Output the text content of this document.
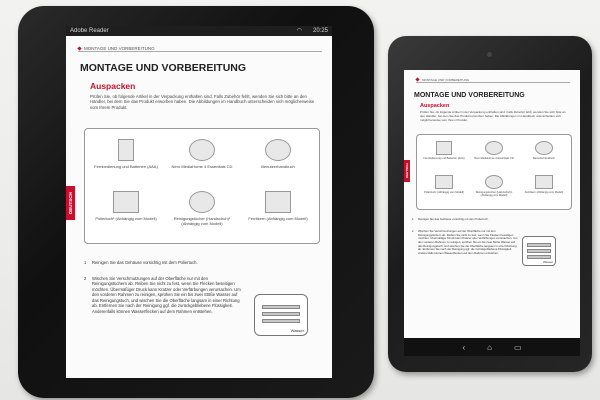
Adobe Reader	◠ 20:25
MONTAGE UND VORBEREITUNG
MONTAGE UND VORBEREITUNG
Auspacken
Prüfen Sie, ob folgende Artikel in der Verpackung enthalten sind. Falls Zubehör fehlt, wenden Sie sich bitte an den Händler, bei dem Sie das Produkt erworben haben. Die Abbildungen im Handbuch unterscheiden sich möglicherweise vom Ihrem Produkt.
Fernbedienung und Batterien (AAA)	Nero MediaHome 4 Essentials CD	Benutzerhandbuch
Poliertuch¹ (Abhängig vom Modell)	Reinigungstücher (Handschuh)¹ (Abhängig vom Modell)
Ferritkern (Abhängig vom Modell)
DEUTSCH
1 Reinigen Sie das Gehäuse vorsichtig mit dem Poliertuch.
2 Wischen Sie Verschmutzungen auf der Oberfläche nur mit den Reinigungstüchern ab. Reiben Sie nicht zu fest, wenn Sie Flecken beseitigen möchten. Übermäßiger Druck kann Kratzer oder Verfärbungen verursachen. Um den vorderen Rahmen zu reinigen, sprühen Sie ein bis zwei Stöße Wasser auf das Reinigungstuch, und wischen Sie die Oberfläche langsam in einer Richtung ab. Entfernen Sie nach der Reinigung ggf. die zurückgebliebene Flüssigkeit. Anderenfalls können Wasserflecken auf dem Rahmen entstehen.
Wasser
MONTAGE UND VORBEREITUNG
MONTAGE UND VORBEREITUNG
Auspacken
Prüfen Sie, ob folgende Artikel in der Verpackung enthalten sind. Falls Zubehör fehlt, wenden Sie sich bitte an den Händler, bei dem Sie das Produkt erworben haben. Die Abbildungen im Handbuch unterscheiden sich möglicherweise vom Ihrem Produkt.
Fernbedienung und Batterien (AAA)	Nero MediaHome 4 Essentials CD	Benutzerhandbuch
Poliertuch¹ (Abhängig vom Modell)	Reinigungstücher (Handschuh)¹ (Abhängig vom Modell)
Ferritkern (Abhängig vom Modell)
DEUTSCH
1 Reinigen Sie das Gehäuse vorsichtig mit dem Poliertuch.
2 Wischen Sie Verschmutzungen auf der Oberfläche nur mit den Reinigungstüchern ab. Reiben Sie nicht zu fest, wenn Sie Flecken beseitigen möchten. Übermäßiger Druck kann Kratzer oder Verfärbungen verursachen. Um den vorderen Rahmen zu reinigen, sprühen Sie ein bis zwei Stöße Wasser auf das Reinigungstuch, und wischen Sie die Oberfläche langsam in einer Richtung ab. Entfernen Sie nach der Reinigung ggf. die zurückgebliebene Flüssigkeit. Anderenfalls können Wasserflecken auf dem Rahmen entstehen.
Wasser
‹	⌂	▭
